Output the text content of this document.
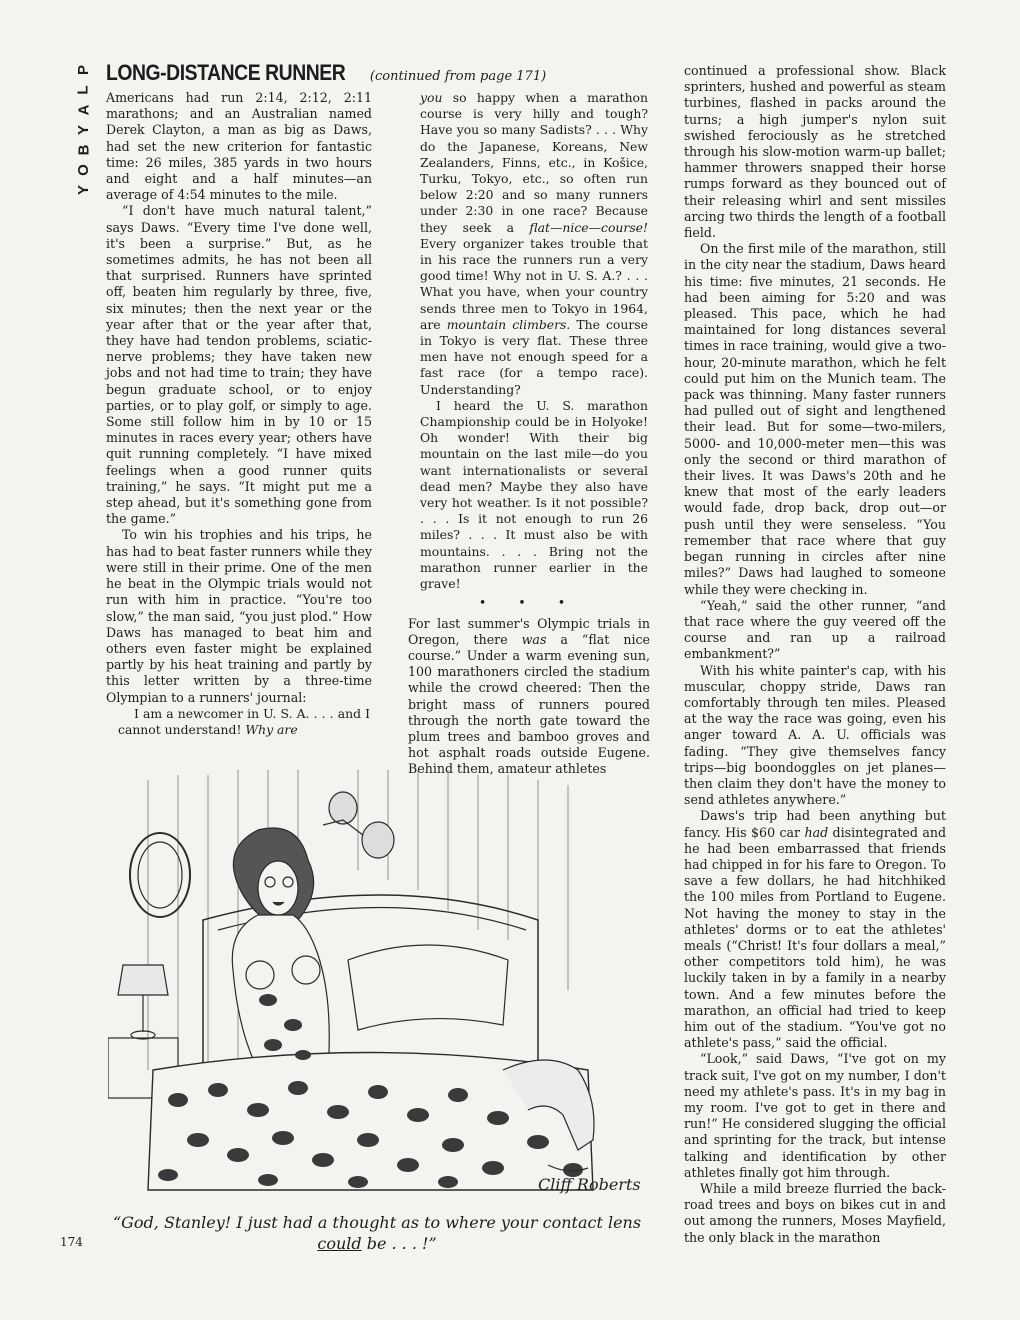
P
L
A
Y
B
O
Y
LONG-DISTANCE RUNNER (continued from page 171)

Americans had run 2:14, 2:12, 2:11 marathons; and an Australian named Derek Clayton, a man as big as Daws, had set the new criterion for fantastic time: 26 miles, 385 yards in two hours and eight and a half minutes—an average of 4:54 minutes to the mile.

“I don't have much natural talent,” says Daws. “Every time I've done well, it's been a surprise.” But, as he sometimes admits, he has not been all that surprised. Runners have sprinted off, beaten him regularly by three, five, six minutes; then the next year or the year after that or the year after that, they have had tendon problems, sciatic-nerve problems; they have taken new jobs and not had time to train; they have begun graduate school, or to enjoy parties, or to play golf, or simply to age. Some still follow him in by 10 or 15 minutes in races every year; others have quit running completely. “I have mixed feelings when a good runner quits training,” he says. “It might put me a step ahead, but it's something gone from the game.”

To win his trophies and his trips, he has had to beat faster runners while they were still in their prime. One of the men he beat in the Olympic trials would not run with him in practice. “You're too slow,” the man said, “you just plod.” How Daws has managed to beat him and others even faster might be explained partly by his heat training and partly by this letter written by a three-time Olympian to a runners' journal:

I am a newcomer in U. S. A. . . . and I cannot understand! Why are

you so happy when a marathon course is very hilly and tough? Have you so many Sadists? . . . Why do the Japanese, Koreans, New Zealanders, Finns, etc., in Košice, Turku, Tokyo, etc., so often run below 2:20 and so many runners under 2:30 in one race? Because they seek a flat—nice—course! Every organizer takes trouble that in his race the runners run a very good time! Why not in U. S. A.? . . . What you have, when your country sends three men to Tokyo in 1964, are mountain climbers. The course in Tokyo is very flat. These three men have not enough speed for a fast race (for a tempo race). Understanding?

I heard the U. S. marathon Championship could be in Holyoke! Oh wonder! With their big mountain on the last mile—do you want internationalists or several dead men? Maybe they also have very hot weather. Is it not possible? . . . Is it not enough to run 26 miles? . . . It must also be with mountains. . . . Bring not the marathon runner earlier in the grave!

• • •

For last summer's Olympic trials in Oregon, there was a “flat nice course.” Under a warm evening sun, 100 marathoners circled the stadium while the crowd cheered: Then the bright mass of runners poured through the north gate toward the plum trees and bamboo groves and hot asphalt roads outside Eugene. Behind them, amateur athletes

continued a professional show. Black sprinters, hushed and powerful as steam turbines, flashed in packs around the turns; a high jumper's nylon suit swished ferociously as he stretched through his slow-motion warm-up ballet; hammer throwers snapped their horse rumps forward as they bounced out of their releasing whirl and sent missiles arcing two thirds the length of a football field.

On the first mile of the marathon, still in the city near the stadium, Daws heard his time: five minutes, 21 seconds. He had been aiming for 5:20 and was pleased. This pace, which he had maintained for long distances several times in race training, would give a two-hour, 20-minute marathon, which he felt could put him on the Munich team. The pack was thinning. Many faster runners had pulled out of sight and lengthened their lead. But for some—two-milers, 5000- and 10,000-meter men—this was only the second or third marathon of their lives. It was Daws's 20th and he knew that most of the early leaders would fade, drop back, drop out—or push until they were senseless. “You remember that race where that guy began running in circles after nine miles?” Daws had laughed to someone while they were checking in.

“Yeah,” said the other runner, “and that race where the guy veered off the course and ran up a railroad embankment?”

With his white painter's cap, with his muscular, choppy stride, Daws ran comfortably through ten miles. Pleased at the way the race was going, even his anger toward A. A. U. officials was fading. “They give themselves fancy trips—big boondoggles on jet planes—then claim they don't have the money to send athletes anywhere.”

Daws's trip had been anything but fancy. His $60 car had disintegrated and he had been embarrassed that friends had chipped in for his fare to Oregon. To save a few dollars, he had hitchhiked the 100 miles from Portland to Eugene. Not having the money to stay in the athletes' dorms or to eat the athletes' meals (“Christ! It's four dollars a meal,” other competitors told him), he was luckily taken in by a family in a nearby town. And a few minutes before the marathon, an official had tried to keep him out of the stadium. “You've got no athlete's pass,” said the official.

“Look,” said Daws, “I've got on my track suit, I've got on my number, I don't need my athlete's pass. It's in my bag in my room. I've got to get in there and run!” He considered slugging the official and sprinting for the track, but intense talking and identification by other athletes finally got him through.

While a mild breeze flurried the back-road trees and boys on bikes cut in and out among the runners, Moses Mayfield, the only black in the marathon

Cliff Roberts
“God, Stanley! I just had a thought as to where your contact lens could be . . . !”
174
